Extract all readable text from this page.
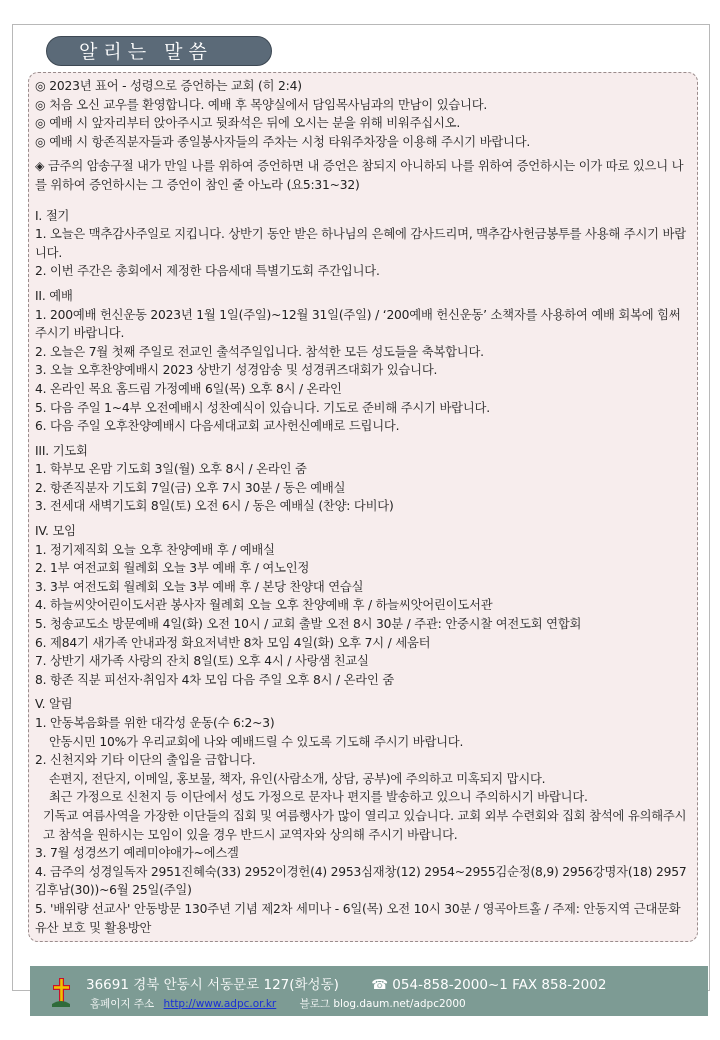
알리는 말씀
◎ 2023년 표어 - 성령으로 증언하는 교회 (히 2:4)
◎ 처음 오신 교우를 환영합니다. 예배 후 목양실에서 담임목사님과의 만남이 있습니다.
◎ 예배 시 앞자리부터 앉아주시고 뒷좌석은 뒤에 오시는 분을 위해 비워주십시오.
◎ 예배 시 항존직분자들과 종일봉사자들의 주차는 시청 타워주차장을 이용해 주시기 바랍니다.
◈ 금주의 암송구절 내가 만일 나를 위하여 증언하면 내 증언은 참되지 아니하되 나를 위하여 증언하시는 이가 따로 있으니 나를 위하여 증언하시는 그 증언이 참인 줄 아노라 (요5:31~32)
I. 절기
1. 오늘은 맥추감사주일로 지킵니다. 상반기 동안 받은 하나님의 은혜에 감사드리며, 맥추감사헌금봉투를 사용해 주시기 바랍니다.
2. 이번 주간은 총회에서 제정한 다음세대 특별기도회 주간입니다.
II. 예배
1. 200예배 헌신운동 2023년 1월 1일(주일)~12월 31일(주일) / ‘200예배 헌신운동’ 소책자를 사용하여 예배 회복에 힘써 주시기 바랍니다.
2. 오늘은 7월 첫째 주일로 전교인 출석주일입니다. 참석한 모든 성도들을 축복합니다.
3. 오늘 오후찬양예배시 2023 상반기 성경암송 및 성경퀴즈대회가 있습니다.
4. 온라인 목요 홈드림 가정예배 6일(목) 오후 8시 / 온라인
5. 다음 주일 1~4부 오전예배시 성찬예식이 있습니다. 기도로 준비해 주시기 바랍니다.
6. 다음 주일 오후찬양예배시 다음세대교회 교사헌신예배로 드립니다.
III. 기도회
1. 학부모 온맘 기도회 3일(월) 오후 8시 / 온라인 줌
2. 항존직분자 기도회 7일(금) 오후 7시 30분 / 동은 예배실
3. 전세대 새벽기도회 8일(토) 오전 6시 / 동은 예배실 (찬양: 다비다)
IV. 모임
1. 정기제직회 오늘 오후 찬양예배 후 / 예배실
2. 1부 여전교회 월례회 오늘 3부 예배 후 / 여노인정
3. 3부 여전도회 월례회 오늘 3부 예배 후 / 본당 찬양대 연습실
4. 하늘씨앗어린이도서관 봉사자 월례회 오늘 오후 찬양예배 후 / 하늘씨앗어린이도서관
5. 청송교도소 방문예배 4일(화) 오전 10시 / 교회 출발 오전 8시 30분 / 주관: 안중시찰 여전도회 연합회
6. 제84기 새가족 안내과정 화요저녁반 8차 모임 4일(화) 오후 7시 / 세움터
7. 상반기 새가족 사랑의 잔치 8일(토) 오후 4시 / 사랑샘 친교실
8. 항존 직분 피선자·취임자 4차 모임 다음 주일 오후 8시 / 온라인 줌
V. 알림
1. 안동복음화를 위한 대각성 운동(수 6:2~3)
안동시민 10%가 우리교회에 나와 예배드릴 수 있도록 기도해 주시기 바랍니다.
2. 신천지와 기타 이단의 출입을 금합니다.
손편지, 전단지, 이메일, 홍보물, 책자, 유인(사람소개, 상담, 공부)에 주의하고 미혹되지 맙시다.
최근 가정으로 신천지 등 이단에서 성도 가정으로 문자나 편지를 발송하고 있으니 주의하시기 바랍니다.
기독교 여름사역을 가장한 이단들의 집회 및 여름행사가 많이 열리고 있습니다. 교회 외부 수련회와 집회 참석에 유의해주시고 참석을 원하시는 모임이 있을 경우 반드시 교역자와 상의해 주시기 바랍니다.
3. 7월 성경쓰기 예레미야애가~에스겔
4. 금주의 성경일독자 2951진혜숙(33) 2952이경헌(4) 2953심재창(12) 2954~2955김순정(8,9) 2956강명자(18) 2957김후남(30))~6월 25일(주일)
5. '배위량 선교사' 안동방문 130주년 기념 제2차 세미나 - 6일(목) 오전 10시 30분 / 영곡아트홀 / 주제: 안동지역 근대문화유산 보호 및 활용방안
36691 경북 안동시 서동문로 127(화성동) ☎ 054-858-2000~1 FAX 858-2002
홈페이지 주소 http://www.adpc.or.kr 블로그 blog.daum.net/adpc2000
